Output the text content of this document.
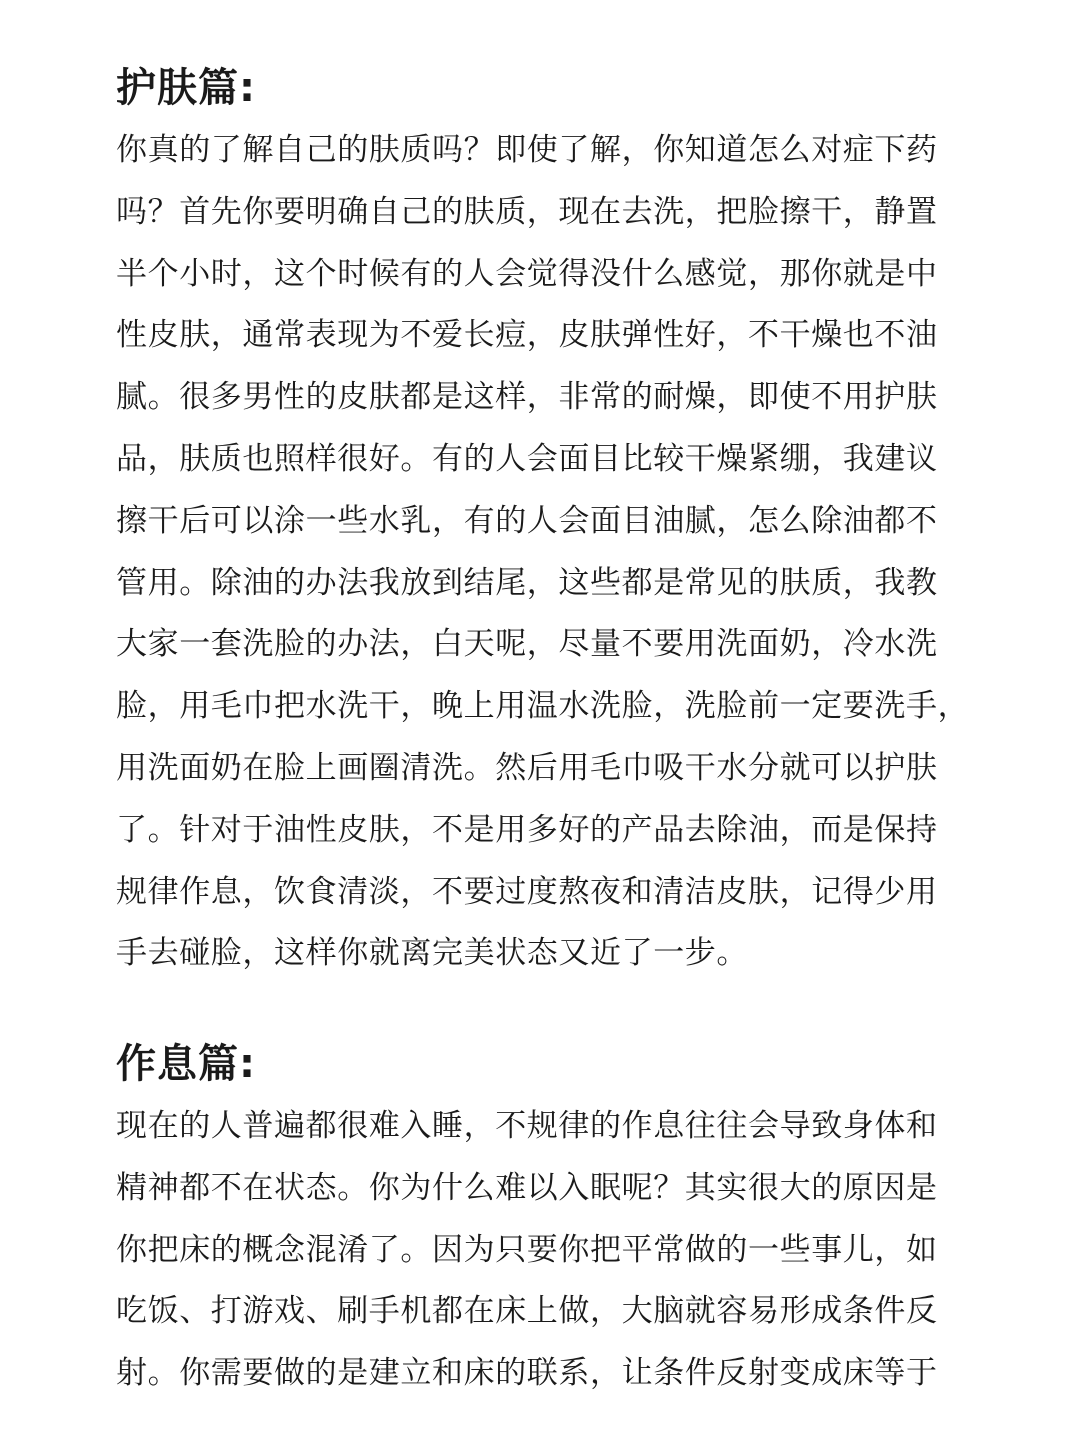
护肤篇:
你真的了解自己的肤质吗？即使了解，你知道怎么对症下药
吗？首先你要明确自己的肤质，现在去洗，把脸擦干，静置
半个小时，这个时候有的人会觉得没什么感觉，那你就是中
性皮肤，通常表现为不爱长痘，皮肤弹性好，不干燥也不油
腻。很多男性的皮肤都是这样，非常的耐燥，即使不用护肤
品，肤质也照样很好。有的人会面目比较干燥紧绷，我建议
擦干后可以涂一些水乳，有的人会面目油腻，怎么除油都不
管用。除油的办法我放到结尾，这些都是常见的肤质，我教
大家一套洗脸的办法，白天呢，尽量不要用洗面奶，冷水洗
脸，用毛巾把水洗干，晚上用温水洗脸，洗脸前一定要洗手，
用洗面奶在脸上画圈清洗。然后用毛巾吸干水分就可以护肤
了。针对于油性皮肤，不是用多好的产品去除油，而是保持
规律作息，饮食清淡，不要过度熬夜和清洁皮肤，记得少用
手去碰脸，这样你就离完美状态又近了一步。
作息篇:
现在的人普遍都很难入睡，不规律的作息往往会导致身体和
精神都不在状态。你为什么难以入眠呢？其实很大的原因是
你把床的概念混淆了。因为只要你把平常做的一些事儿，如
吃饭、打游戏、刷手机都在床上做，大脑就容易形成条件反
射。你需要做的是建立和床的联系，让条件反射变成床等于
